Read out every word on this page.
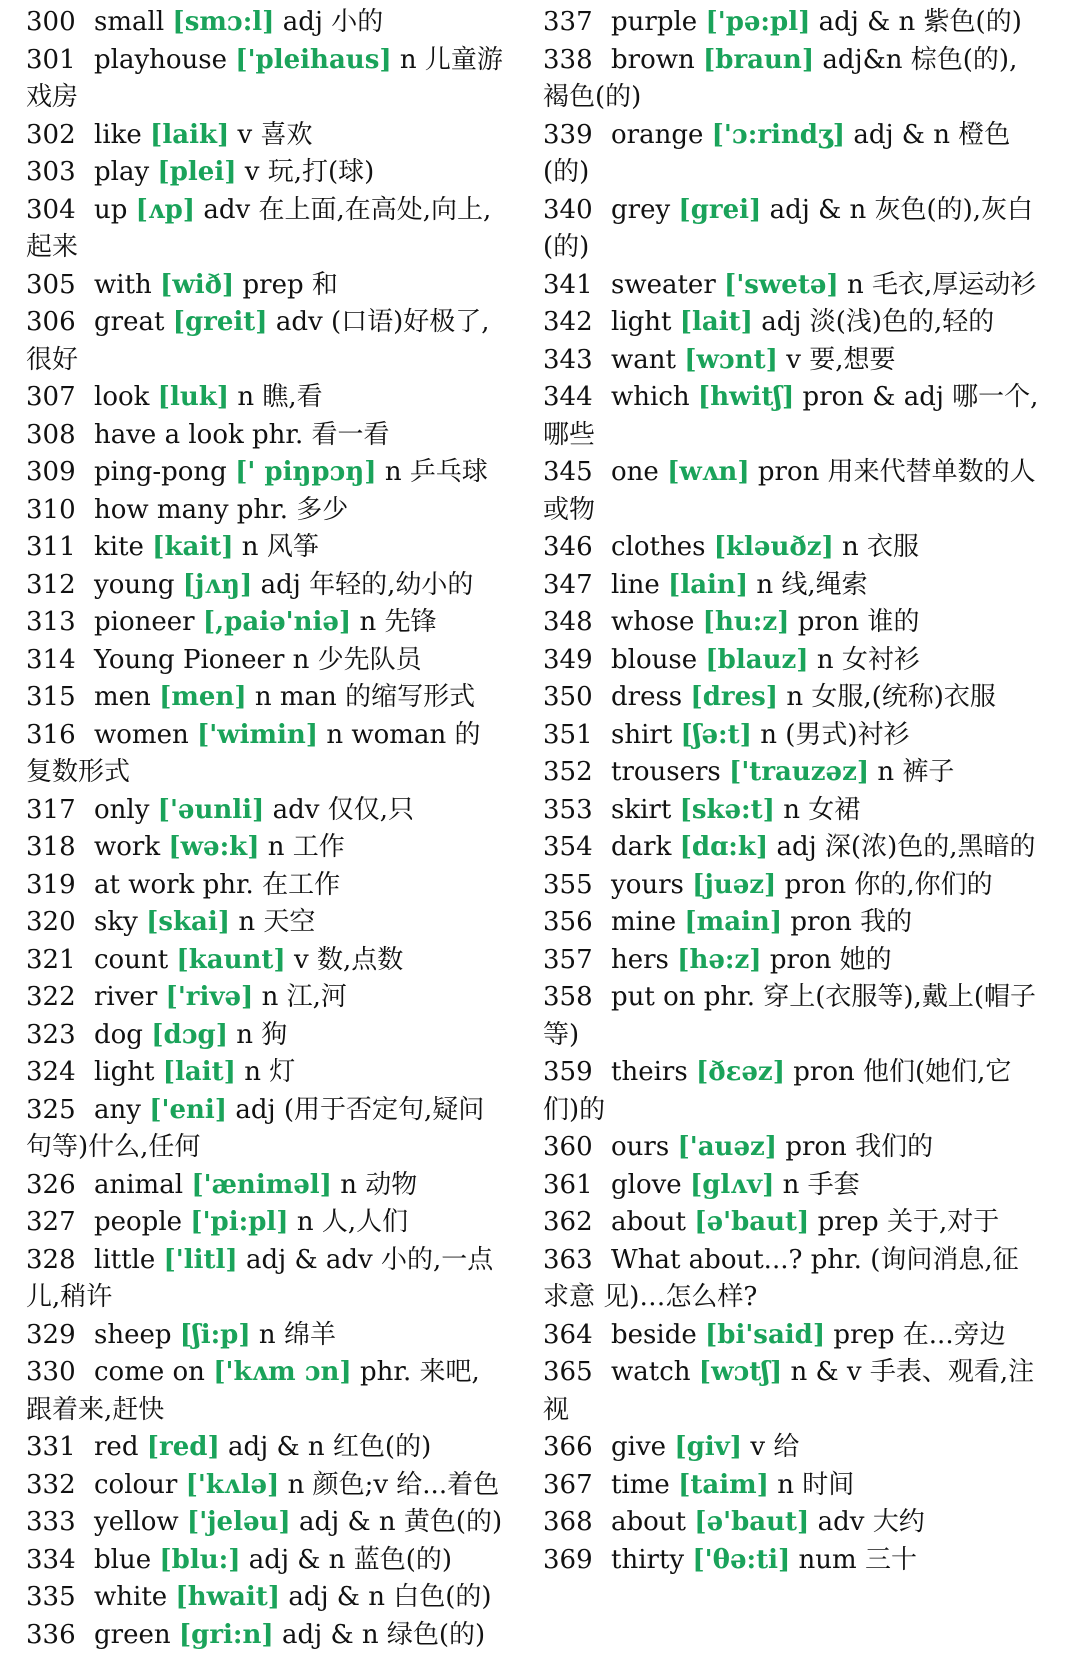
300 small [smɔ:l] adj 小的
301 playhouse ['pleihaus] n 儿童游戏房
302 like [laik] v 喜欢
303 play [plei] v 玩,打(球)
304 up [ʌp] adv 在上面,在高处,向上,起来
305 with [wið] prep 和
306 great [greit] adv (口语)好极了,很好
307 look [luk] n 瞧,看
308 have a look phr. 看一看
309 ping-pong [' piŋpɔŋ] n 乒乓球
310 how many phr. 多少
311 kite [kait] n 风筝
312 young [jʌŋ] adj 年轻的,幼小的
313 pioneer [,paiə'niə] n 先锋
314 Young Pioneer n 少先队员
315 men [men] n man 的缩写形式
316 women ['wimin] n woman 的复数形式
317 only ['əunli] adv 仅仅,只
318 work [wə:k] n 工作
319 at work phr. 在工作
320 sky [skai] n 天空
321 count [kaunt] v 数,点数
322 river ['rivə] n 江,河
323 dog [dɔg] n 狗
324 light [lait] n 灯
325 any ['eni] adj (用于否定句,疑问句等)什么,任何
326 animal ['æniməl] n 动物
327 people ['pi:pl] n 人,人们
328 little ['litl] adj & adv 小的,一点儿,稍许
329 sheep [ʃi:p] n 绵羊
330 come on ['kʌm ɔn] phr. 来吧,跟着来,赶快
331 red [red] adj & n 红色(的)
332 colour ['kʌlə] n 颜色;v 给...着色
333 yellow ['jeləu] adj & n 黄色(的)
334 blue [blu:] adj & n 蓝色(的)
335 white [hwait] adj & n 白色(的)
336 green [gri:n] adj & n 绿色(的)
337 purple ['pə:pl] adj & n 紫色(的)
338 brown [braun] adj&n 棕色(的),褐色(的)
339 orange ['ɔ:rindʒ] adj & n 橙色(的)
340 grey [grei] adj & n 灰色(的),灰白(的)
341 sweater ['swetə] n 毛衣,厚运动衫
342 light [lait] adj 淡(浅)色的,轻的
343 want [wɔnt] v 要,想要
344 which [hwitʃ] pron & adj 哪一个,哪些
345 one [wʌn] pron 用来代替单数的人或物
346 clothes [kləuðz] n 衣服
347 line [lain] n 线,绳索
348 whose [hu:z] pron 谁的
349 blouse [blauz] n 女衬衫
350 dress [dres] n 女服,(统称)衣服
351 shirt [ʃə:t] n (男式)衬衫
352 trousers ['trauzəz] n 裤子
353 skirt [skə:t] n 女裙
354 dark [dɑ:k] adj 深(浓)色的,黑暗的
355 yours [juəz] pron 你的,你们的
356 mine [main] pron 我的
357 hers [hə:z] pron 她的
358 put on phr. 穿上(衣服等),戴上(帽子等)
359 theirs [ðɛəz] pron 他们(她们,它们)的
360 ours ['auəz] pron 我们的
361 glove [glʌv] n 手套
362 about [ə'baut] prep 关于,对于
363 What about...? phr. (询问消息,征求意 见)…怎么样?
364 beside [bi'said] prep 在...旁边
365 watch [wɔtʃ] n & v 手表、观看,注视
366 give [giv] v 给
367 time [taim] n 时间
368 about [ə'baut] adv 大约
369 thirty ['θə:ti] num 三十
